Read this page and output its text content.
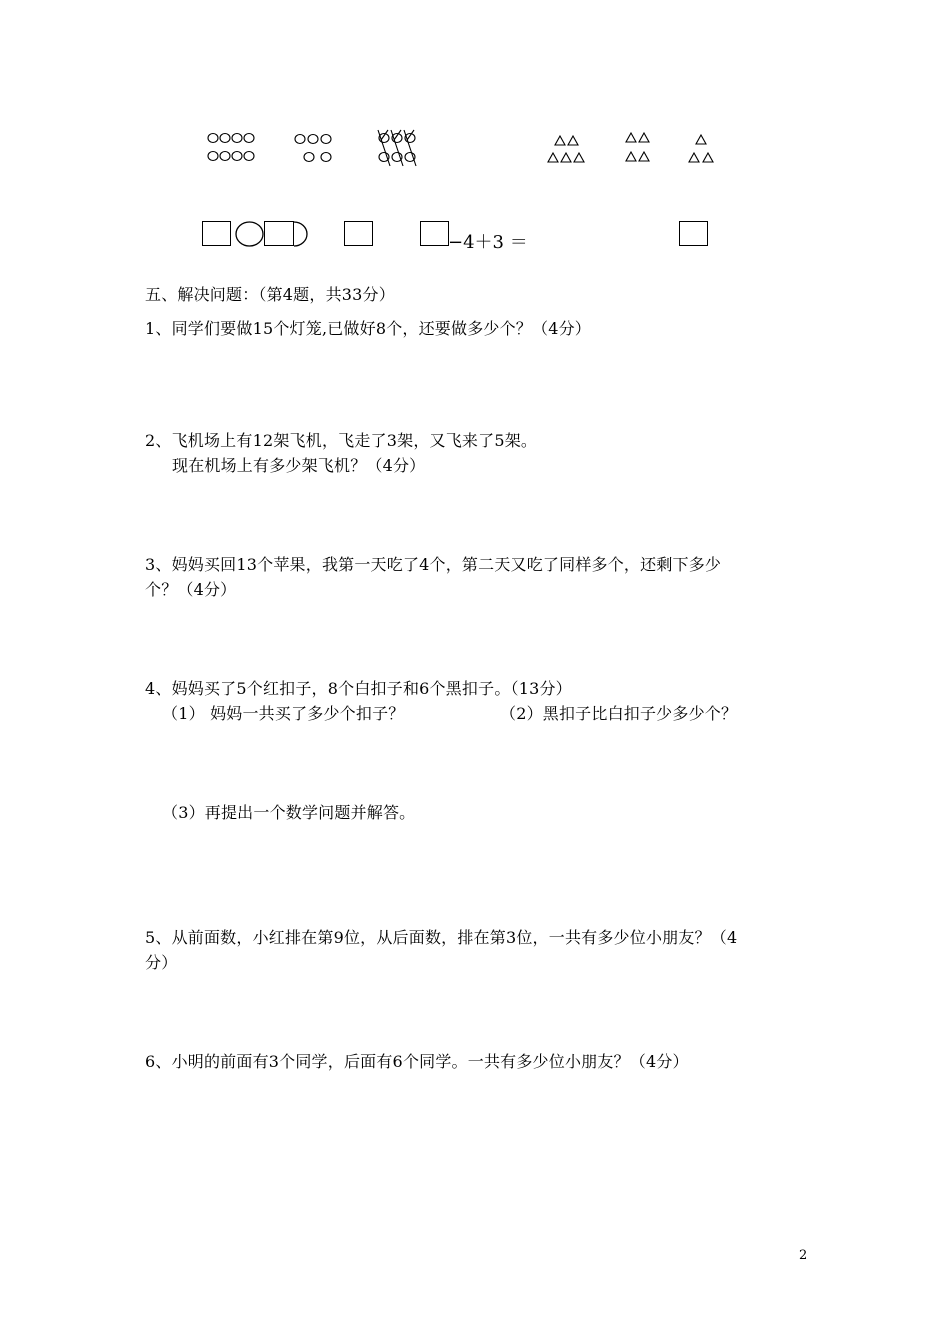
−4＋3 ＝
五、解决问题：（第4题，共33分）
1、同学们要做15个灯笼,已做好8个，还要做多少个？（4分）
2、飞机场上有12架飞机，飞走了3架，又飞来了5架。
现在机场上有多少架飞机？（4分）
3、妈妈买回13个苹果，我第一天吃了4个，第二天又吃了同样多个，还剩下多少
个？（4分）
4、妈妈买了5个红扣子，8个白扣子和6个黑扣子。（13分）
（1） 妈妈一共买了多少个扣子？	（2）黑扣子比白扣子少多少个？
（3）再提出一个数学问题并解答。
5、从前面数，小红排在第9位，从后面数，排在第3位，一共有多少位小朋友？（4
分）
6、小明的前面有3个同学，后面有6个同学。一共有多少位小朋友？（4分）
2
